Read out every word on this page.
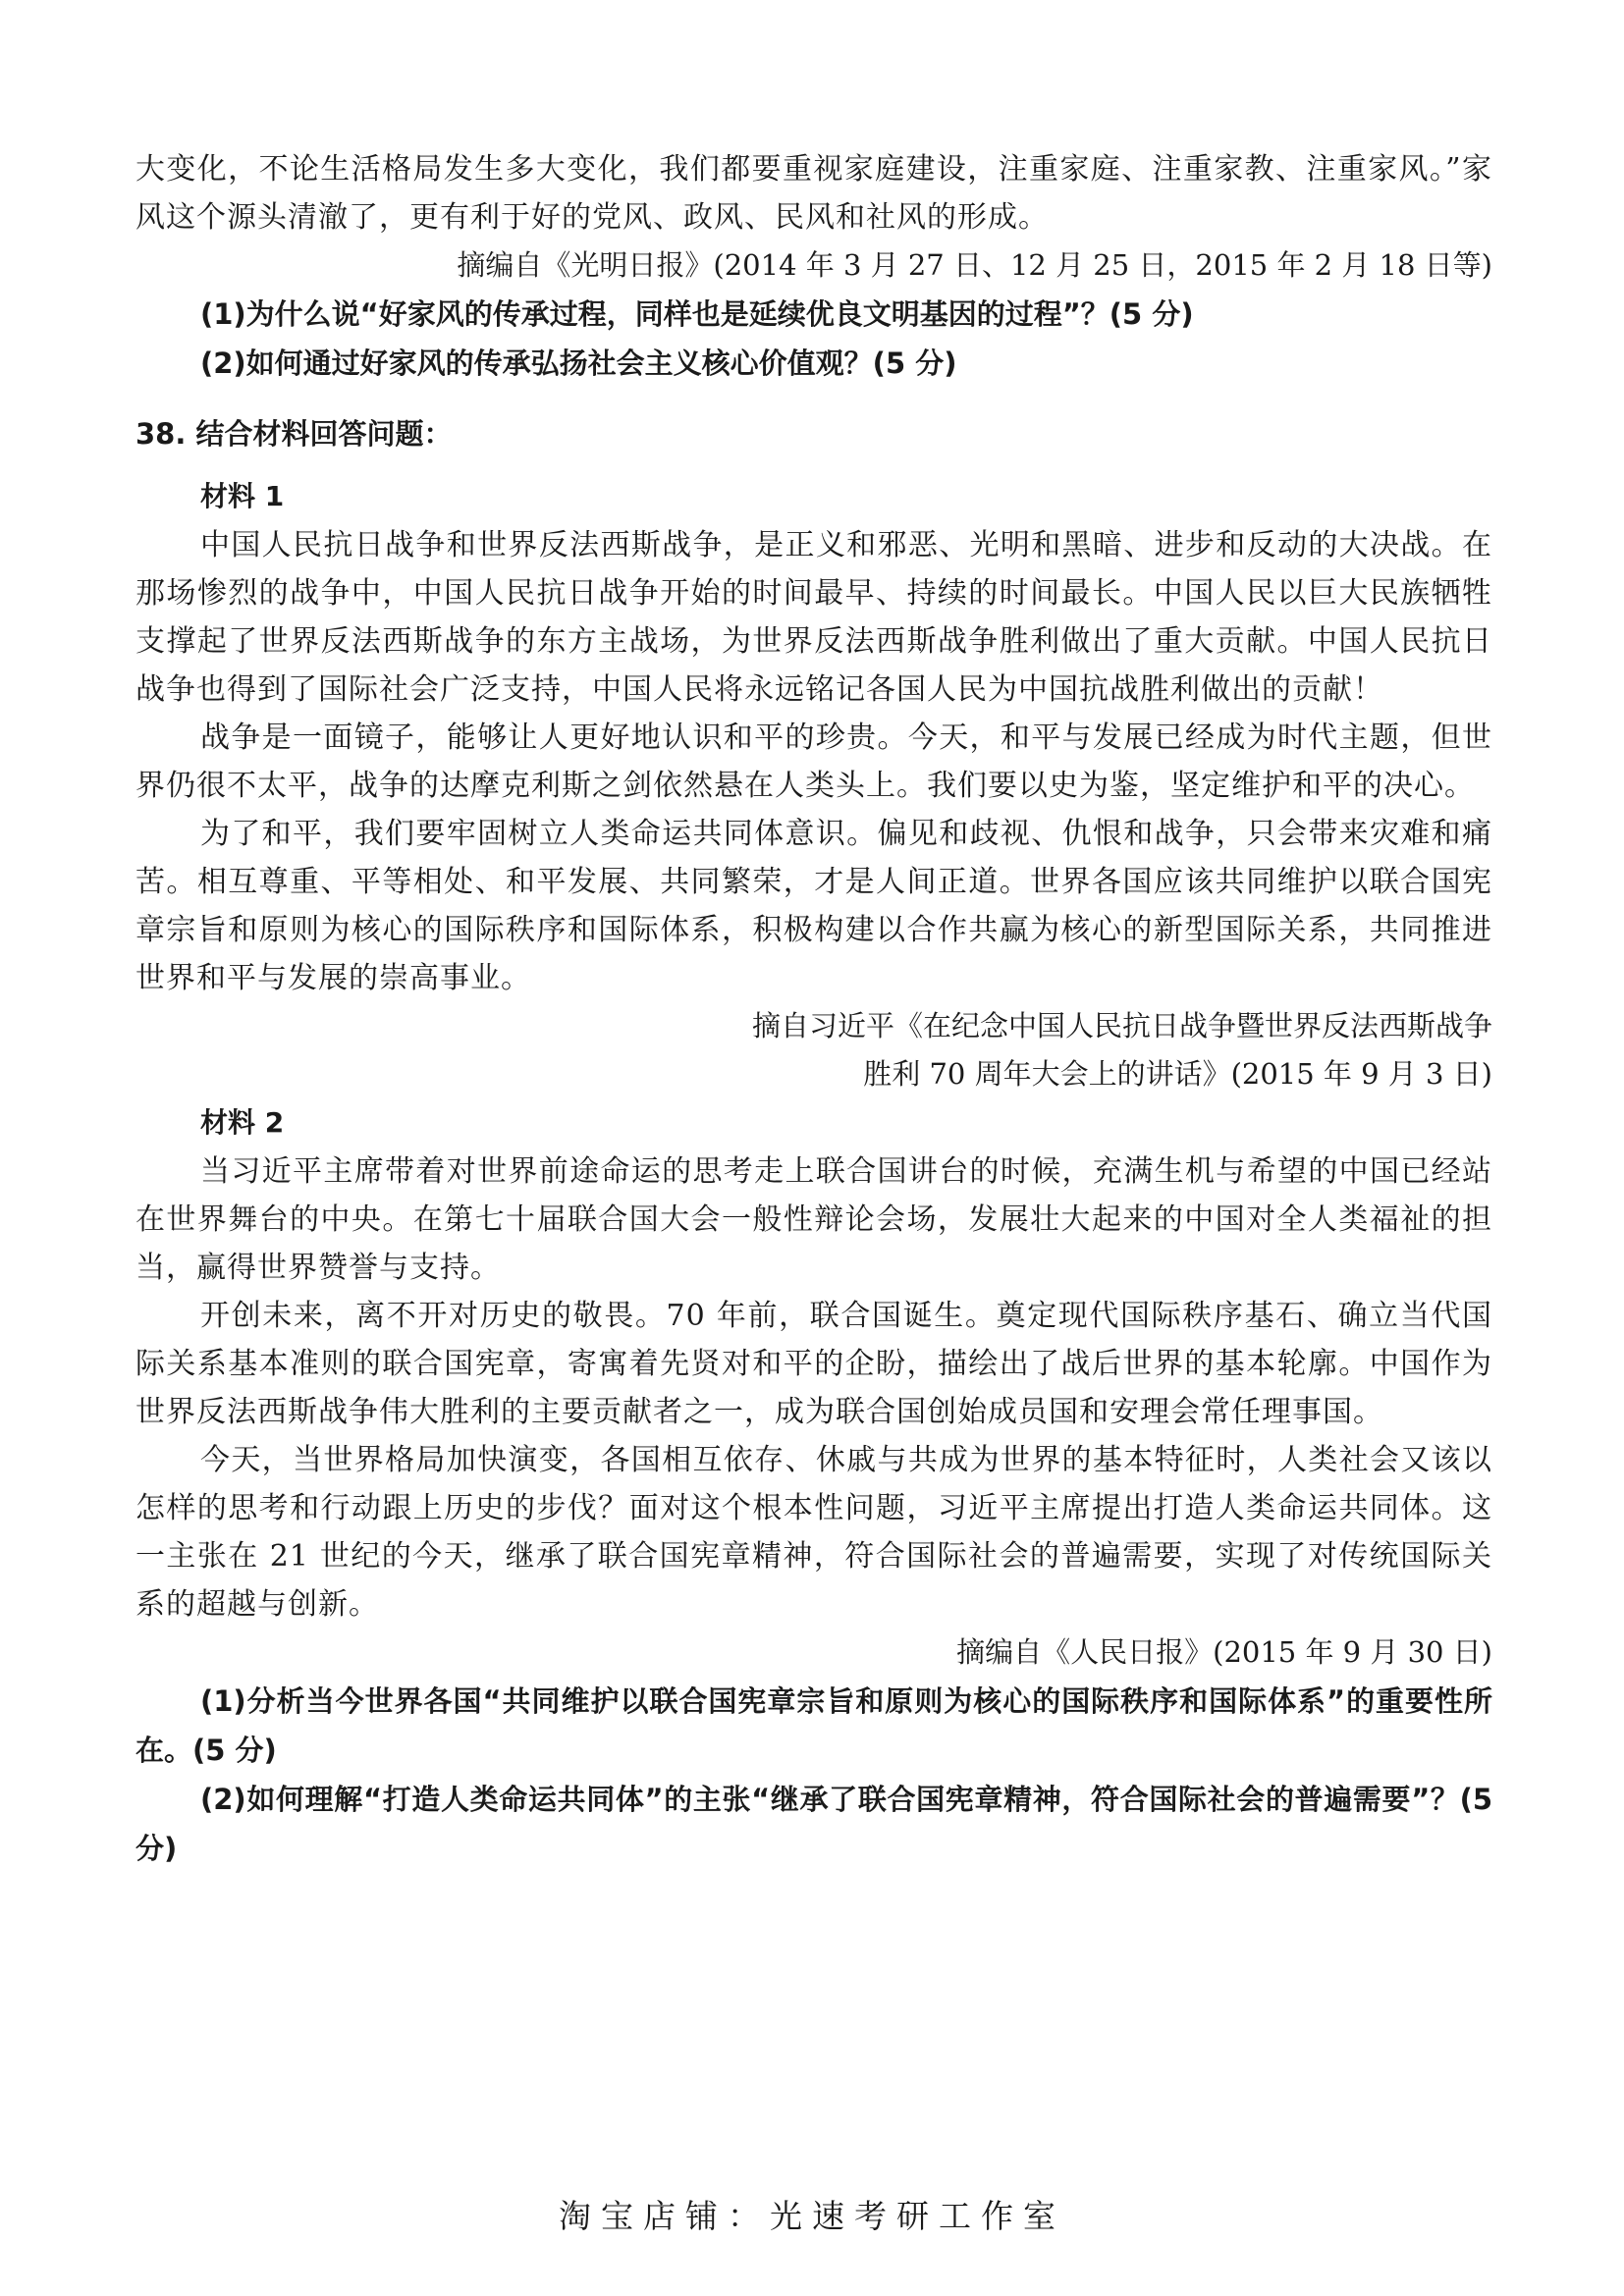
大变化，不论生活格局发生多大变化，我们都要重视家庭建设，注重家庭、注重家教、注重家风。”家风这个源头清澈了，更有利于好的党风、政风、民风和社风的形成。

摘编自《光明日报》(2014 年 3 月 27 日、12 月 25 日，2015 年 2 月 18 日等)

(1)为什么说“好家风的传承过程，同样也是延续优良文明基因的过程”？(5 分)

(2)如何通过好家风的传承弘扬社会主义核心价值观？(5 分)

38. 结合材料回答问题：

材料 1

中国人民抗日战争和世界反法西斯战争，是正义和邪恶、光明和黑暗、进步和反动的大决战。在那场惨烈的战争中，中国人民抗日战争开始的时间最早、持续的时间最长。中国人民以巨大民族牺牲支撑起了世界反法西斯战争的东方主战场，为世界反法西斯战争胜利做出了重大贡献。中国人民抗日战争也得到了国际社会广泛支持，中国人民将永远铭记各国人民为中国抗战胜利做出的贡献！

战争是一面镜子，能够让人更好地认识和平的珍贵。今天，和平与发展已经成为时代主题，但世界仍很不太平，战争的达摩克利斯之剑依然悬在人类头上。我们要以史为鉴，坚定维护和平的决心。

为了和平，我们要牢固树立人类命运共同体意识。偏见和歧视、仇恨和战争，只会带来灾难和痛苦。相互尊重、平等相处、和平发展、共同繁荣，才是人间正道。世界各国应该共同维护以联合国宪章宗旨和原则为核心的国际秩序和国际体系，积极构建以合作共赢为核心的新型国际关系，共同推进世界和平与发展的崇高事业。

摘自习近平《在纪念中国人民抗日战争暨世界反法西斯战争

胜利 70 周年大会上的讲话》(2015 年 9 月 3 日)

材料 2

当习近平主席带着对世界前途命运的思考走上联合国讲台的时候，充满生机与希望的中国已经站在世界舞台的中央。在第七十届联合国大会一般性辩论会场，发展壮大起来的中国对全人类福祉的担当，赢得世界赞誉与支持。

开创未来，离不开对历史的敬畏。70 年前，联合国诞生。奠定现代国际秩序基石、确立当代国际关系基本准则的联合国宪章，寄寓着先贤对和平的企盼，描绘出了战后世界的基本轮廓。中国作为世界反法西斯战争伟大胜利的主要贡献者之一，成为联合国创始成员国和安理会常任理事国。

今天，当世界格局加快演变，各国相互依存、休戚与共成为世界的基本特征时，人类社会又该以怎样的思考和行动跟上历史的步伐？面对这个根本性问题，习近平主席提出打造人类命运共同体。这一主张在 21 世纪的今天，继承了联合国宪章精神，符合国际社会的普遍需要，实现了对传统国际关系的超越与创新。

摘编自《人民日报》(2015 年 9 月 30 日)

(1)分析当今世界各国“共同维护以联合国宪章宗旨和原则为核心的国际秩序和国际体系”的重要性所在。(5 分)

(2)如何理解“打造人类命运共同体”的主张“继承了联合国宪章精神，符合国际社会的普遍需要”？(5 分)

淘宝店铺：光速考研工作室
